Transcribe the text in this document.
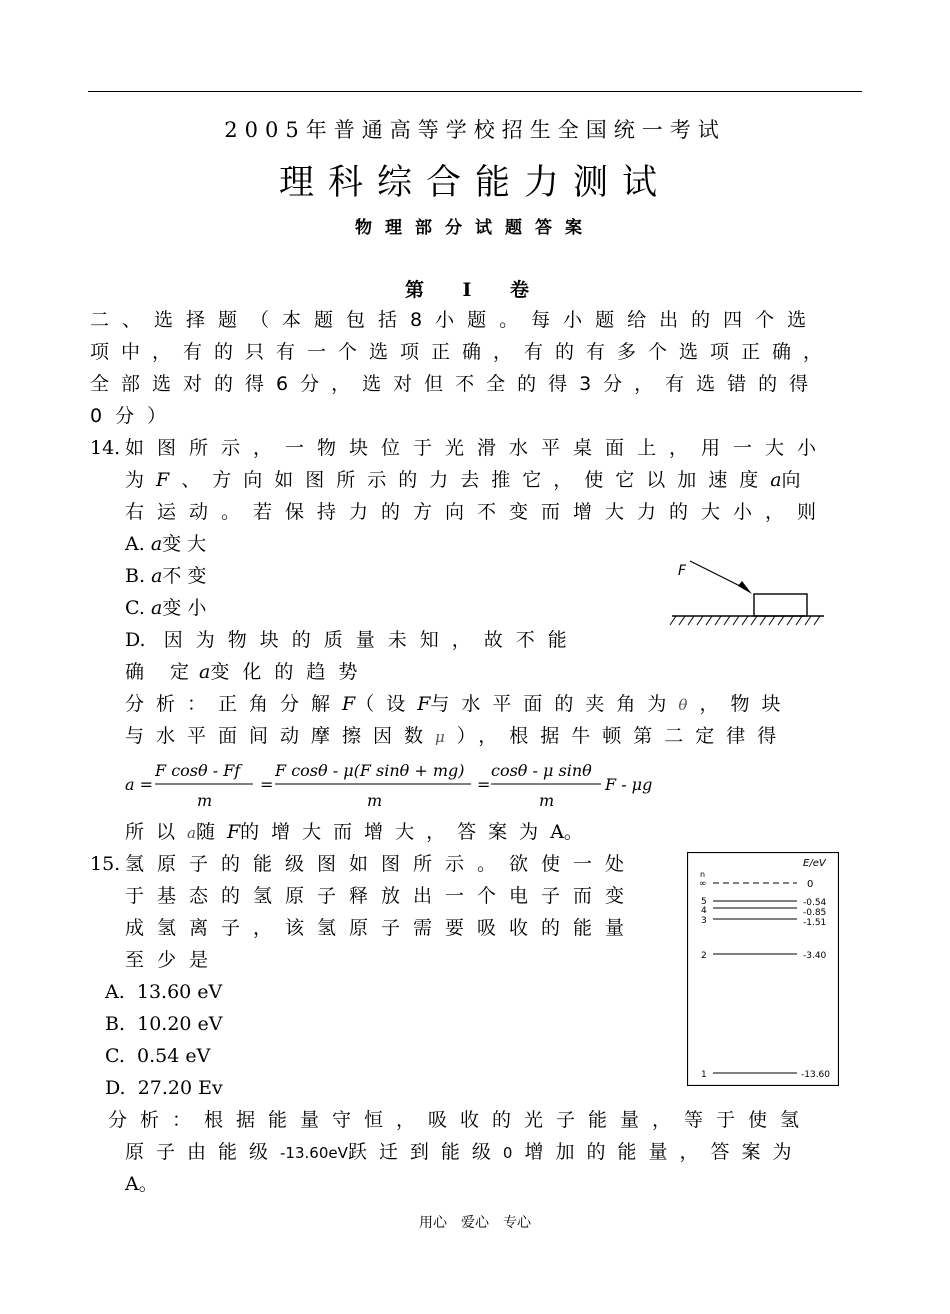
2005年普通高等学校招生全国统一考试
理科综合能力测试
物理部分试题答案
第 I 卷
二、选择题（本题包括8小题。每小题给出的四个选
项中，有的只有一个选项正确，有的有多个选项正确，
全部选对的得6分，选对但不全的得3分，有选错的得
0分）
14. 如图所示，一物块位于光滑水平桌面上，用一大小
为F、方向如图所示的力去推它，使它以加速度a向
右运动。若保持力的方向不变而增大力的大小，则
A. a变 大
B. a不 变
C. a变 小
D. 因为物块的质量未知，故不能
确 定a变化的趋势
F
分析：正角分解F（设F与水平面的夹角为θ，物块
与水平面间动摩擦因数μ），根据牛顿第二定律得
a =
F cosθ - Ff
m
=
F cosθ - μ(F sinθ + mg)
m
=
cosθ - μ sinθ
m
F - μg
所以a随F的增大而增大，答案为A。
15. 氢原子的能级图如图所示。欲使一处
于基态的氢原子释放出一个电子而变
成氢离子，该氢原子需要吸收的能量
至少是
A. 13.60 eV
B. 10.20 eV
C. 0.54 eV
D. 27.20 Ev
E/eV
n
∞	0
5	-0.54
4	-0.85
3	-1.51
2	-3.40
1	-13.60
分析：根据能量守恒，吸收的光子能量，等于使氢
原子由能级-13.60eV跃迁到能级0增加的能量，答案为
A。
用心　爱心　专心
